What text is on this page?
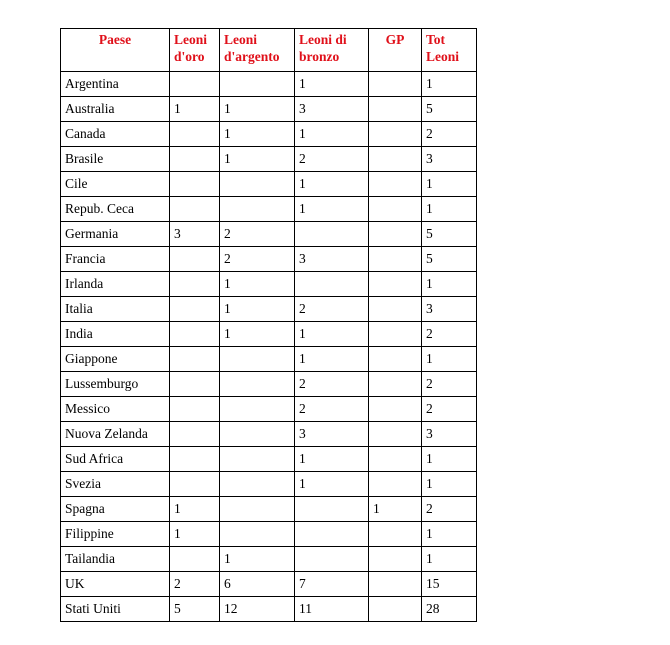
Paese	Leoni d'oro	Leoni d'argento	Leoni di bronzo	GP	Tot Leoni
Argentina			1		1
Australia	1	1	3		5
Canada		1	1		2
Brasile		1	2		3
Cile			1		1
Repub. Ceca			1		1
Germania	3	2			5
Francia		2	3		5
Irlanda		1			1
Italia		1	2		3
India		1	1		2
Giappone			1		1
Lussemburgo			2		2
Messico			2		2
Nuova Zelanda			3		3
Sud Africa			1		1
Svezia			1		1
Spagna	1			1	2
Filippine	1				1
Tailandia		1			1
UK	2	6	7		15
Stati Uniti	5	12	11		28
